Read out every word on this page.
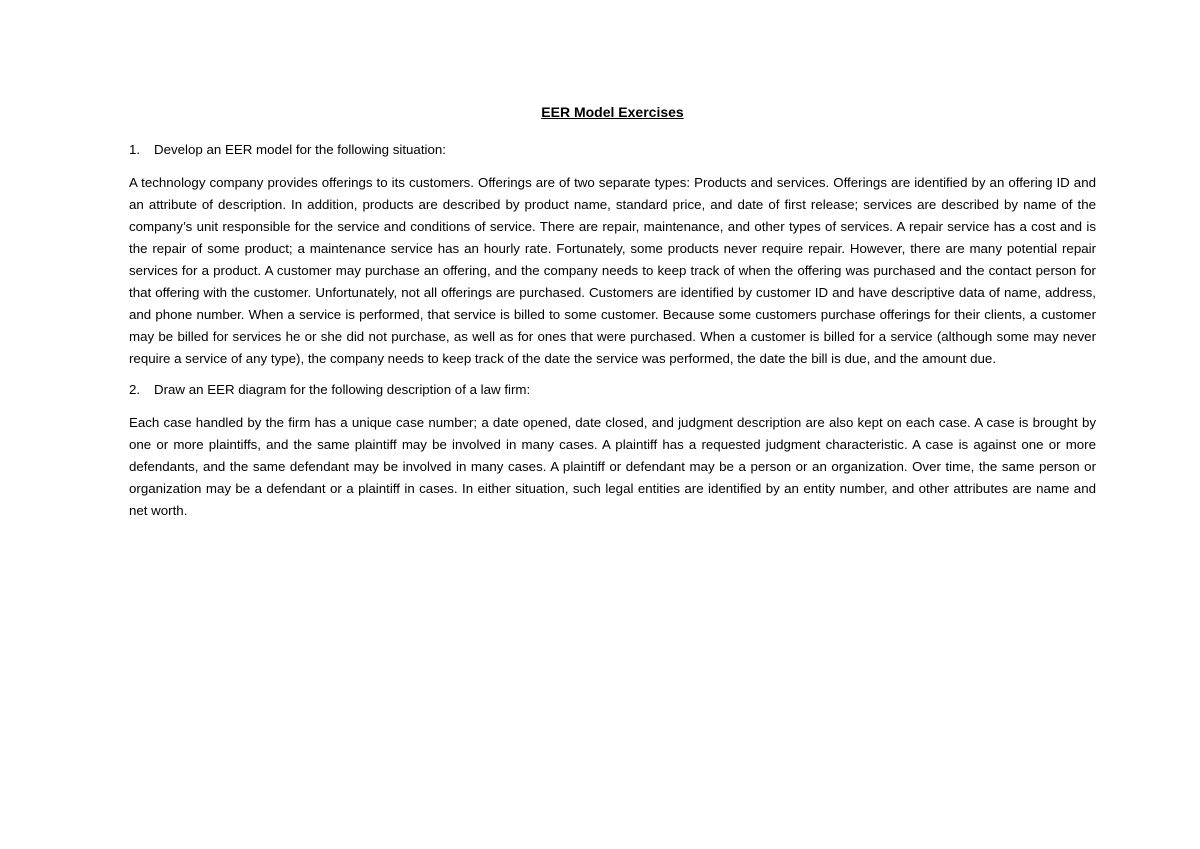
EER Model Exercises
1.	Develop an EER model for the following situation:

A technology company provides offerings to its customers. Offerings are of two separate types: Products and services. Offerings are identified by an offering ID and an attribute of description. In addition, products are described by product name, standard price, and date of first release; services are described by name of the company’s unit responsible for the service and conditions of service. There are repair, maintenance, and other types of services. A repair service has a cost and is the repair of some product; a maintenance service has an hourly rate. Fortunately, some products never require repair. However, there are many potential repair services for a product. A customer may purchase an offering, and the company needs to keep track of when the offering was purchased and the contact person for that offering with the customer. Unfortunately, not all offerings are purchased. Customers are identified by customer ID and have descriptive data of name, address, and phone number. When a service is performed, that service is billed to some customer. Because some customers purchase offerings for their clients, a customer may be billed for services he or she did not purchase, as well as for ones that were purchased. When a customer is billed for a service (although some may never require a service of any type), the company needs to keep track of the date the service was performed, the date the bill is due, and the amount due.

2.	Draw an EER diagram for the following description of a law firm:

Each case handled by the firm has a unique case number; a date opened, date closed, and judgment description are also kept on each case. A case is brought by one or more plaintiffs, and the same plaintiff may be involved in many cases. A plaintiff has a requested judgment characteristic. A case is against one or more defendants, and the same defendant may be involved in many cases. A plaintiff or defendant may be a person or an organization. Over time, the same person or organization may be a defendant or a plaintiff in cases. In either situation, such legal entities are identified by an entity number, and other attributes are name and net worth.
